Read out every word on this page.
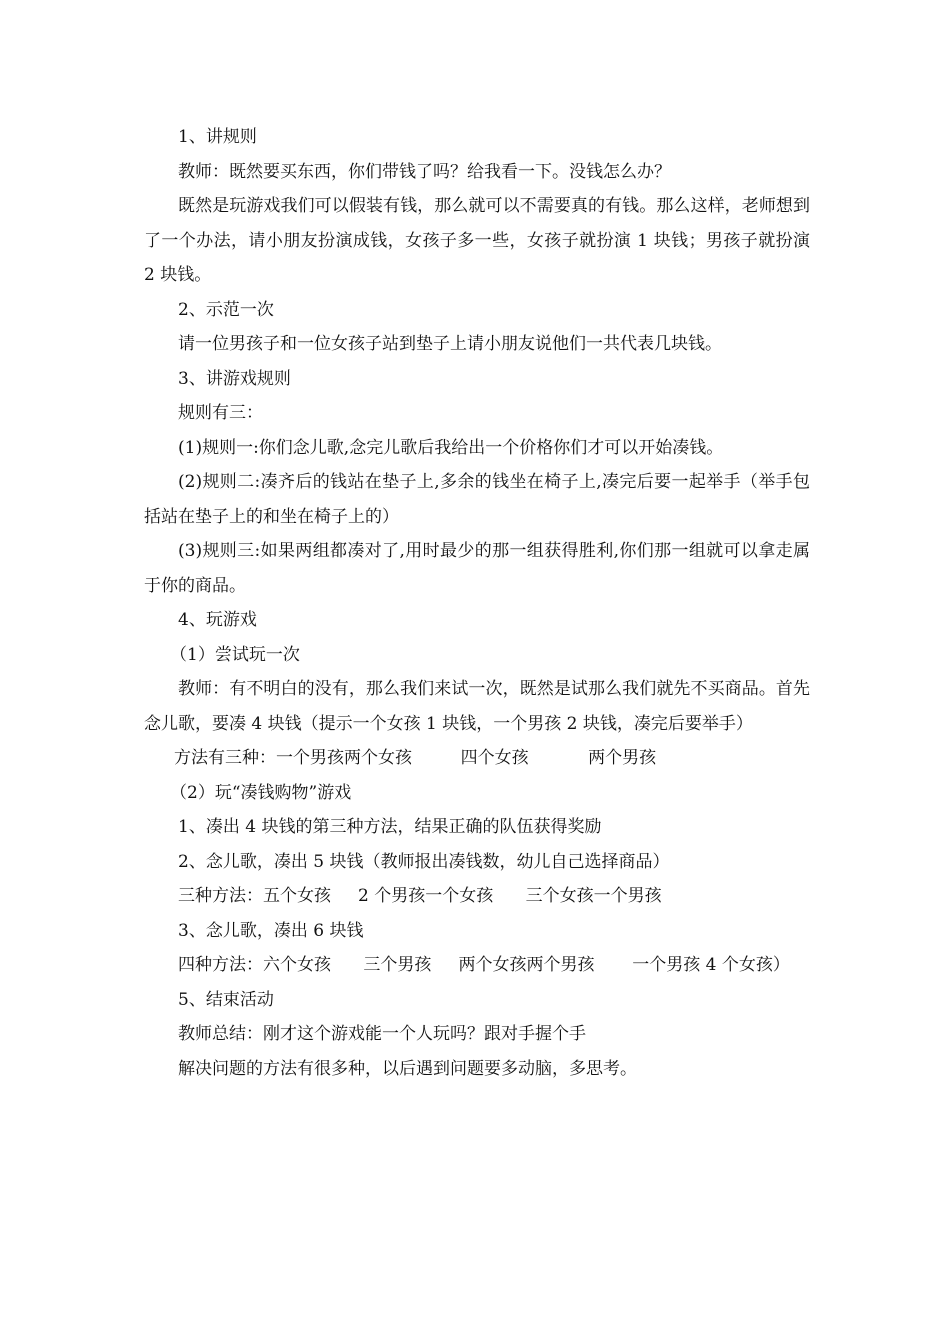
1、讲规则

教师：既然要买东西，你们带钱了吗？给我看一下。没钱怎么办？

既然是玩游戏我们可以假装有钱，那么就可以不需要真的有钱。那么这样，老师想到了一个办法，请小朋友扮演成钱，女孩子多一些，女孩子就扮演 1 块钱；男孩子就扮演 2 块钱。

2、示范一次

请一位男孩子和一位女孩子站到垫子上请小朋友说他们一共代表几块钱。

3、讲游戏规则

规则有三：

(1)规则一:你们念儿歌,念完儿歌后我给出一个价格你们才可以开始凑钱。

(2)规则二:凑齐后的钱站在垫子上,多余的钱坐在椅子上,凑完后要一起举手（举手包括站在垫子上的和坐在椅子上的）

(3)规则三:如果两组都凑对了,用时最少的那一组获得胜利,你们那一组就可以拿走属于你的商品。

4、玩游戏

（1）尝试玩一次

教师：有不明白的没有，那么我们来试一次，既然是试那么我们就先不买商品。首先念儿歌，要凑 4 块钱（提示一个女孩 1 块钱，一个男孩 2 块钱，凑完后要举手）

方法有三种：一个男孩两个女孩         四个女孩           两个男孩

（2）玩“凑钱购物”游戏

1、凑出 4 块钱的第三种方法，结果正确的队伍获得奖励

2、念儿歌，凑出 5 块钱（教师报出凑钱数，幼儿自己选择商品）

三种方法：五个女孩     2 个男孩一个女孩      三个女孩一个男孩

3、念儿歌，凑出 6 块钱

四种方法：六个女孩      三个男孩     两个女孩两个男孩       一个男孩 4 个女孩）

5、结束活动

教师总结：刚才这个游戏能一个人玩吗？跟对手握个手

解决问题的方法有很多种，以后遇到问题要多动脑，多思考。
